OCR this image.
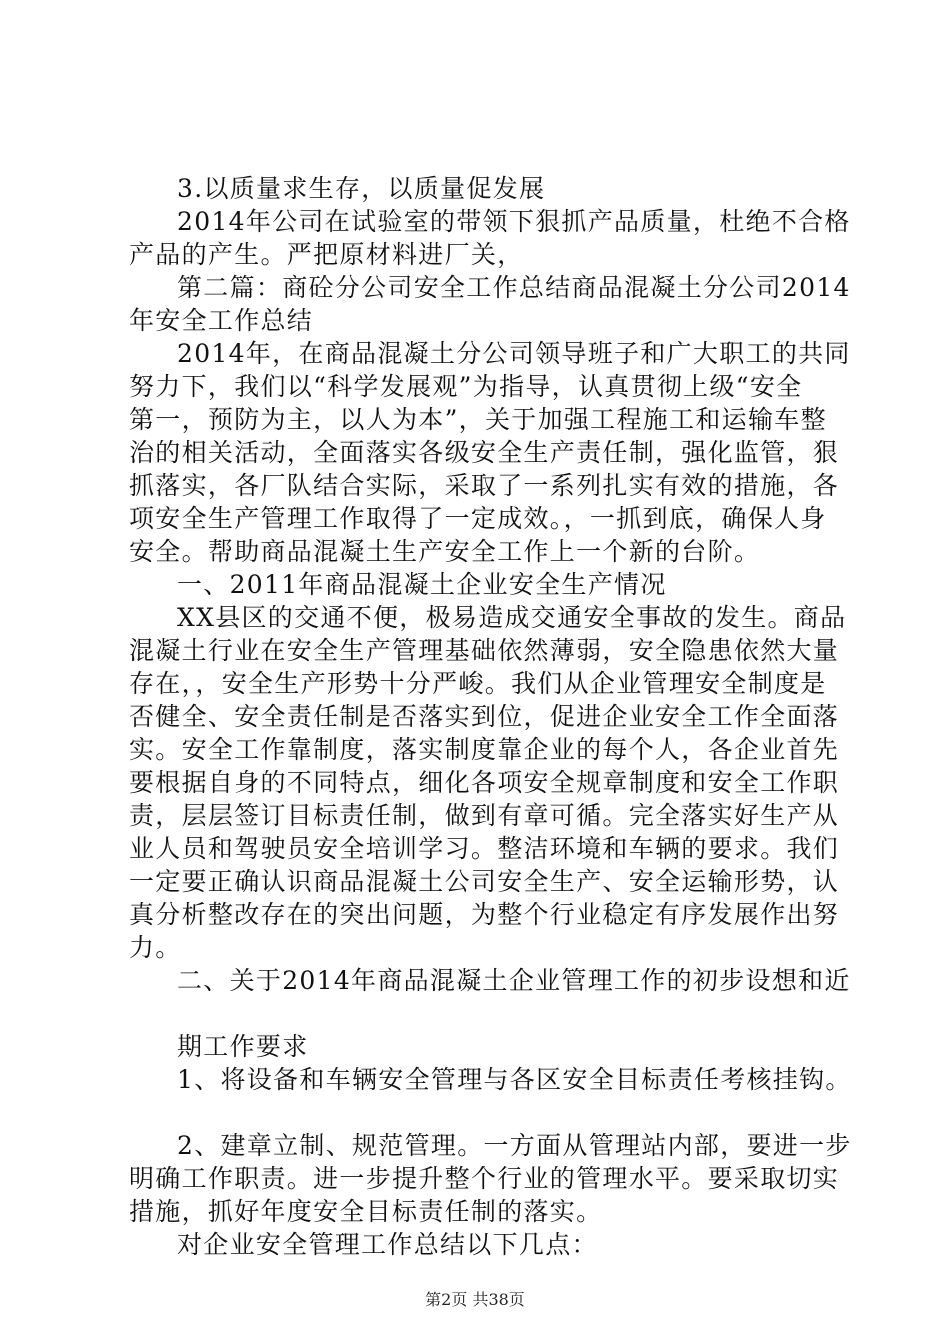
3.以质量求生存，以质量促发展
2014年公司在试验室的带领下狠抓产品质量，杜绝不合格
产品的产生。严把原材料进厂关，
第二篇：商砼分公司安全工作总结商品混凝土分公司2014
年安全工作总结
2014年，在商品混凝土分公司领导班子和广大职工的共同
努力下，我们以“科学发展观”为指导，认真贯彻上级“安全
第一，预防为主，以人为本”，关于加强工程施工和运输车整
治的相关活动，全面落实各级安全生产责任制，强化监管，狠
抓落实，各厂队结合实际，采取了一系列扎实有效的措施，各
项安全生产管理工作取得了一定成效。，一抓到底，确保人身
安全。帮助商品混凝土生产安全工作上一个新的台阶。
一、2011年商品混凝土企业安全生产情况
XX县区的交通不便，极易造成交通安全事故的发生。商品
混凝土行业在安全生产管理基础依然薄弱，安全隐患依然大量
存在，，安全生产形势十分严峻。我们从企业管理安全制度是
否健全、安全责任制是否落实到位，促进企业安全工作全面落
实。安全工作靠制度，落实制度靠企业的每个人，各企业首先
要根据自身的不同特点，细化各项安全规章制度和安全工作职
责，层层签订目标责任制，做到有章可循。完全落实好生产从
业人员和驾驶员安全培训学习。整洁环境和车辆的要求。我们
一定要正确认识商品混凝土公司安全生产、安全运输形势，认
真分析整改存在的突出问题，为整个行业稳定有序发展作出努
力。
二、关于2014年商品混凝土企业管理工作的初步设想和近
期工作要求
1、将设备和车辆安全管理与各区安全目标责任考核挂钩。
2、建章立制、规范管理。一方面从管理站内部，要进一步
明确工作职责。进一步提升整个行业的管理水平。要采取切实
措施，抓好年度安全目标责任制的落实。
对企业安全管理工作总结以下几点：
第2页 共38页
